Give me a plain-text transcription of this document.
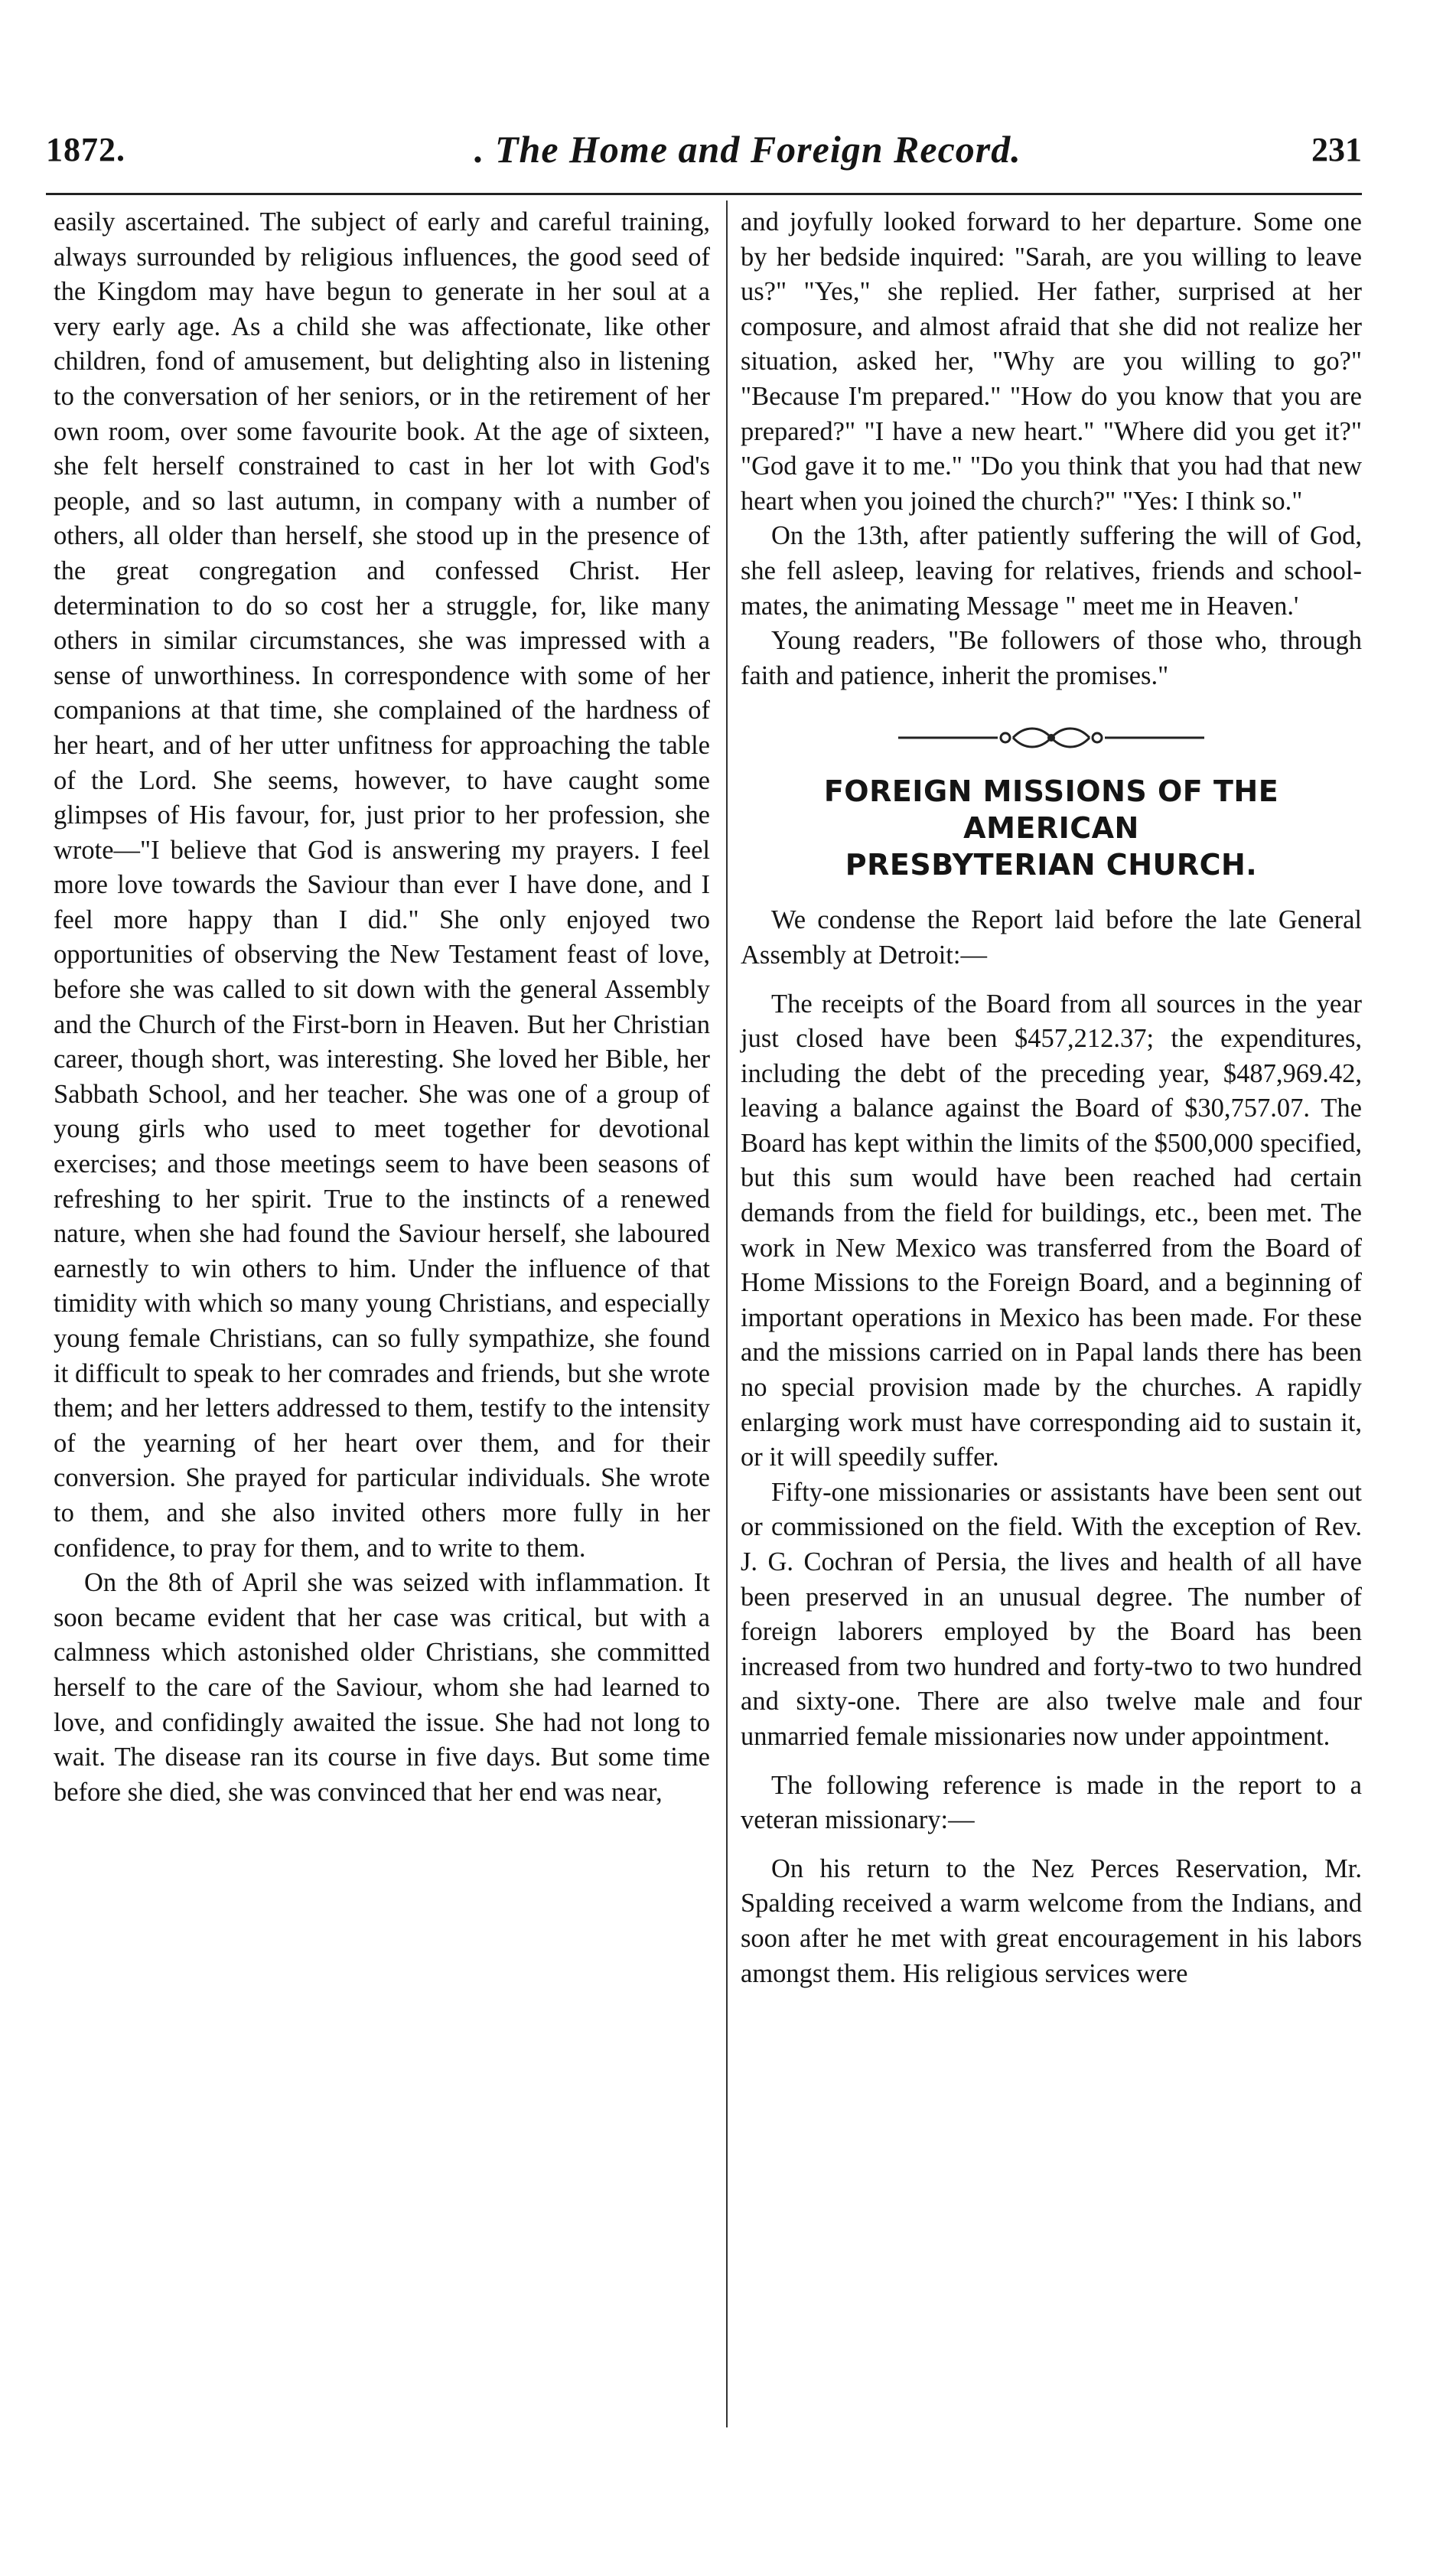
1872.	. The Home and Foreign Record.	231

easily ascertained. The subject of early and careful training, always surrounded by religious influences, the good seed of the Kingdom may have begun to generate in her soul at a very early age. As a child she was affectionate, like other children, fond of amusement, but delighting also in listening to the conversation of her seniors, or in the retirement of her own room, over some favourite book. At the age of sixteen, she felt herself constrained to cast in her lot with God's people, and so last autumn, in company with a number of others, all older than herself, she stood up in the presence of the great congregation and confessed Christ. Her determination to do so cost her a struggle, for, like many others in similar circumstances, she was impressed with a sense of unworthiness. In correspondence with some of her companions at that time, she complained of the hardness of her heart, and of her utter unfitness for approaching the table of the Lord. She seems, however, to have caught some glimpses of His favour, for, just prior to her profession, she wrote—"I believe that God is answering my prayers. I feel more love towards the Saviour than ever I have done, and I feel more happy than I did." She only enjoyed two opportunities of observing the New Testament feast of love, before she was called to sit down with the general Assembly and the Church of the First-born in Heaven. But her Christian career, though short, was interesting. She loved her Bible, her Sabbath School, and her teacher. She was one of a group of young girls who used to meet together for devotional exercises; and those meetings seem to have been seasons of refreshing to her spirit. True to the instincts of a renewed nature, when she had found the Saviour herself, she laboured earnestly to win others to him. Under the influence of that timidity with which so many young Christians, and especially young female Christians, can so fully sympathize, she found it difficult to speak to her comrades and friends, but she wrote them; and her letters addressed to them, testify to the intensity of the yearning of her heart over them, and for their conversion. She prayed for particular individuals. She wrote to them, and she also invited others more fully in her confidence, to pray for them, and to write to them.

On the 8th of April she was seized with inflammation. It soon became evident that her case was critical, but with a calmness which astonished older Christians, she committed herself to the care of the Saviour, whom she had learned to love, and confidingly awaited the issue. She had not long to wait. The disease ran its course in five days. But some time before she died, she was convinced that her end was near,

and joyfully looked forward to her departure. Some one by her bedside inquired: "Sarah, are you willing to leave us?" "Yes," she replied. Her father, surprised at her composure, and almost afraid that she did not realize her situation, asked her, "Why are you willing to go?" "Because I'm prepared." "How do you know that you are prepared?" "I have a new heart." "Where did you get it?" "God gave it to me." "Do you think that you had that new heart when you joined the church?" "Yes: I think so."

On the 13th, after patiently suffering the will of God, she fell asleep, leaving for relatives, friends and school-mates, the animating Message " meet me in Heaven.'

Young readers, "Be followers of those who, through faith and patience, inherit the promises."

FOREIGN MISSIONS OF THE AMERICAN
PRESBYTERIAN CHURCH.

We condense the Report laid before the late General Assembly at Detroit:—

The receipts of the Board from all sources in the year just closed have been $457,212.37; the expenditures, including the debt of the preceding year, $487,969.42, leaving a balance against the Board of $30,757.07. The Board has kept within the limits of the $500,000 specified, but this sum would have been reached had certain demands from the field for buildings, etc., been met. The work in New Mexico was transferred from the Board of Home Missions to the Foreign Board, and a beginning of important operations in Mexico has been made. For these and the missions carried on in Papal lands there has been no special provision made by the churches. A rapidly enlarging work must have corresponding aid to sustain it, or it will speedily suffer.

Fifty-one missionaries or assistants have been sent out or commissioned on the field. With the exception of Rev. J. G. Cochran of Persia, the lives and health of all have been preserved in an unusual degree. The number of foreign laborers employed by the Board has been increased from two hundred and forty-two to two hundred and sixty-one. There are also twelve male and four unmarried female missionaries now under appointment.

The following reference is made in the report to a veteran missionary:—

On his return to the Nez Perces Reservation, Mr. Spalding received a warm welcome from the Indians, and soon after he met with great encouragement in his labors amongst them. His religious services were
